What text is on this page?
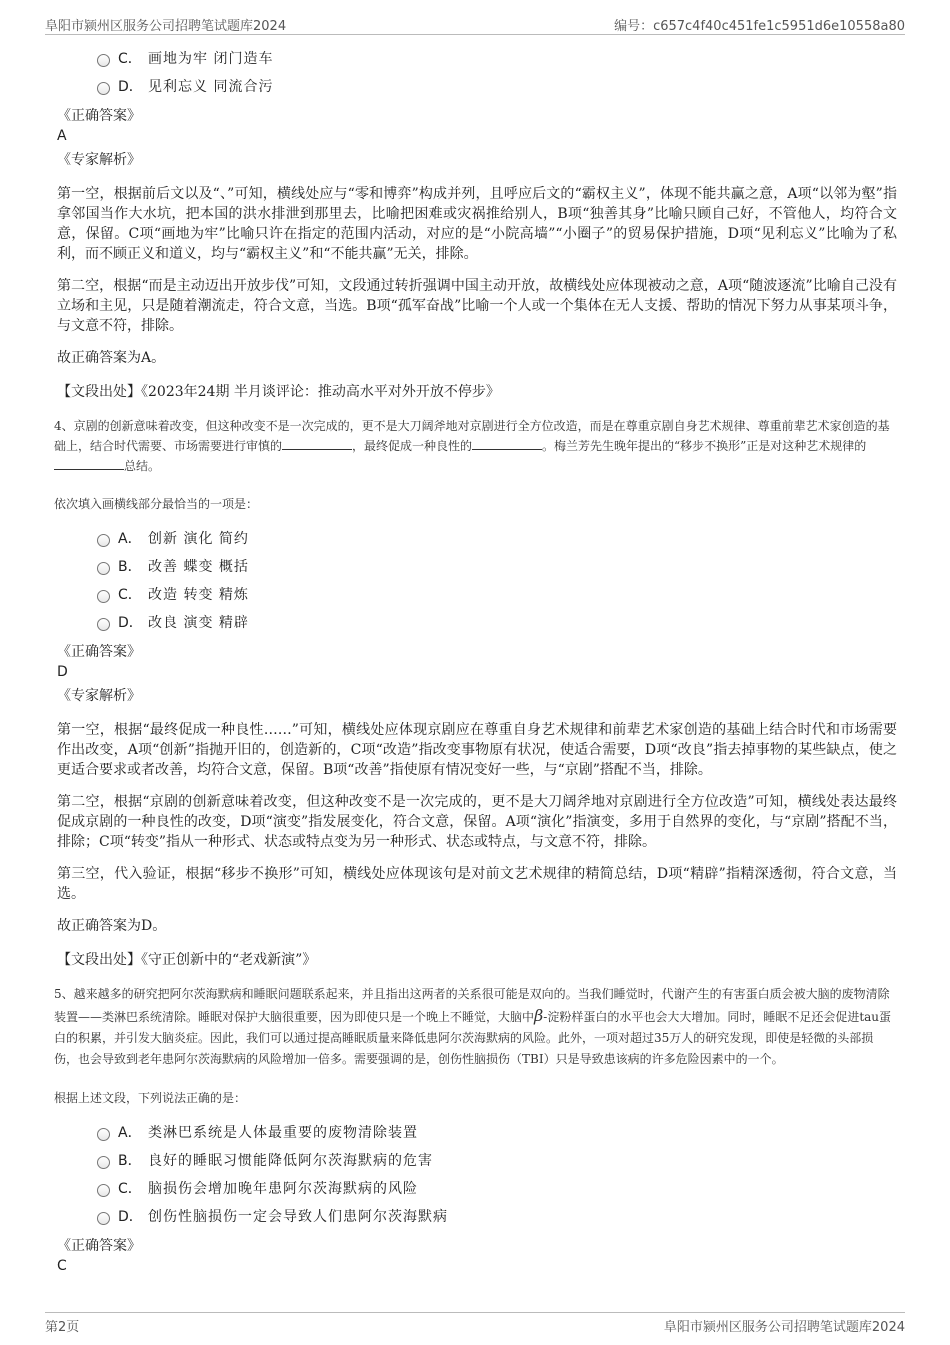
阜阳市颍州区服务公司招聘笔试题库2024	编号：c657c4f40c451fe1c5951d6e10558a80
C． 画地为牢 闭门造车
D． 见利忘义 同流合污
《正确答案》
A
《专家解析》

第一空，根据前后文以及“、”可知，横线处应与“零和博弈”构成并列，且呼应后文的“霸权主义”，体现不能共赢之意，A项“以邻为壑”指拿邻国当作大水坑，把本国的洪水排泄到那里去，比喻把困难或灾祸推给别人，B项“独善其身”比喻只顾自己好，不管他人，均符合文意，保留。C项“画地为牢”比喻只许在指定的范围内活动，对应的是“小院高墙”“小圈子”的贸易保护措施，D项“见利忘义”比喻为了私利，而不顾正义和道义，均与“霸权主义”和“不能共赢”无关，排除。

第二空，根据“而是主动迈出开放步伐”可知，文段通过转折强调中国主动开放，故横线处应体现被动之意，A项“随波逐流”比喻自己没有立场和主见，只是随着潮流走，符合文意，当选。B项“孤军奋战”比喻一个人或一个集体在无人支援、帮助的情况下努力从事某项斗争，与文意不符，排除。

故正确答案为A。

【文段出处】《2023年24期 半月谈评论：推动高水平对外开放不停步》

4、京剧的创新意味着改变，但这种改变不是一次完成的，更不是大刀阔斧地对京剧进行全方位改造，而是在尊重京剧自身艺术规律、尊重前辈艺术家创造的基础上，结合时代需要、市场需要进行审慎的	，最终促成一种良性的	。梅兰芳先生晚年提出的“移步不换形”正是对这种艺术规律的总结。

依次填入画横线部分最恰当的一项是：
A． 创新 演化 简约
B． 改善 蝶变 概括
C． 改造 转变 精炼
D． 改良 演变 精辟
《正确答案》
D
《专家解析》

第一空，根据“最终促成一种良性……”可知，横线处应体现京剧应在尊重自身艺术规律和前辈艺术家创造的基础上结合时代和市场需要作出改变，A项“创新”指抛开旧的，创造新的，C项“改造”指改变事物原有状况，使适合需要，D项“改良”指去掉事物的某些缺点，使之更适合要求或者改善，均符合文意，保留。B项“改善”指使原有情况变好一些，与“京剧”搭配不当，排除。

第二空，根据“京剧的创新意味着改变，但这种改变不是一次完成的，更不是大刀阔斧地对京剧进行全方位改造”可知，横线处表达最终促成京剧的一种良性的改变，D项“演变”指发展变化，符合文意，保留。A项“演化”指演变，多用于自然界的变化，与“京剧”搭配不当，排除；C项“转变”指从一种形式、状态或特点变为另一种形式、状态或特点，与文意不符，排除。

第三空，代入验证，根据“移步不换形”可知，横线处应体现该句是对前文艺术规律的精简总结，D项“精辟”指精深透彻，符合文意，当选。

故正确答案为D。

【文段出处】《守正创新中的“老戏新演”》

5、越来越多的研究把阿尔茨海默病和睡眠问题联系起来，并且指出这两者的关系很可能是双向的。当我们睡觉时，代谢产生的有害蛋白质会被大脑的废物清除装置——类淋巴系统清除。睡眠对保护大脑很重要，因为即使只是一个晚上不睡觉，大脑中β-淀粉样蛋白的水平也会大大增加。同时，睡眠不足还会促进tau蛋白的积累，并引发大脑炎症。因此，我们可以通过提高睡眠质量来降低患阿尔茨海默病的风险。此外，一项对超过35万人的研究发现，即使是轻微的头部损伤，也会导致到老年患阿尔茨海默病的风险增加一倍多。需要强调的是，创伤性脑损伤（TBI）只是导致患该病的许多危险因素中的一个。

根据上述文段，下列说法正确的是：
A． 类淋巴系统是人体最重要的废物清除装置
B． 良好的睡眠习惯能降低阿尔茨海默病的危害
C． 脑损伤会增加晚年患阿尔茨海默病的风险
D． 创伤性脑损伤一定会导致人们患阿尔茨海默病
《正确答案》
C
第2页	阜阳市颍州区服务公司招聘笔试题库2024
